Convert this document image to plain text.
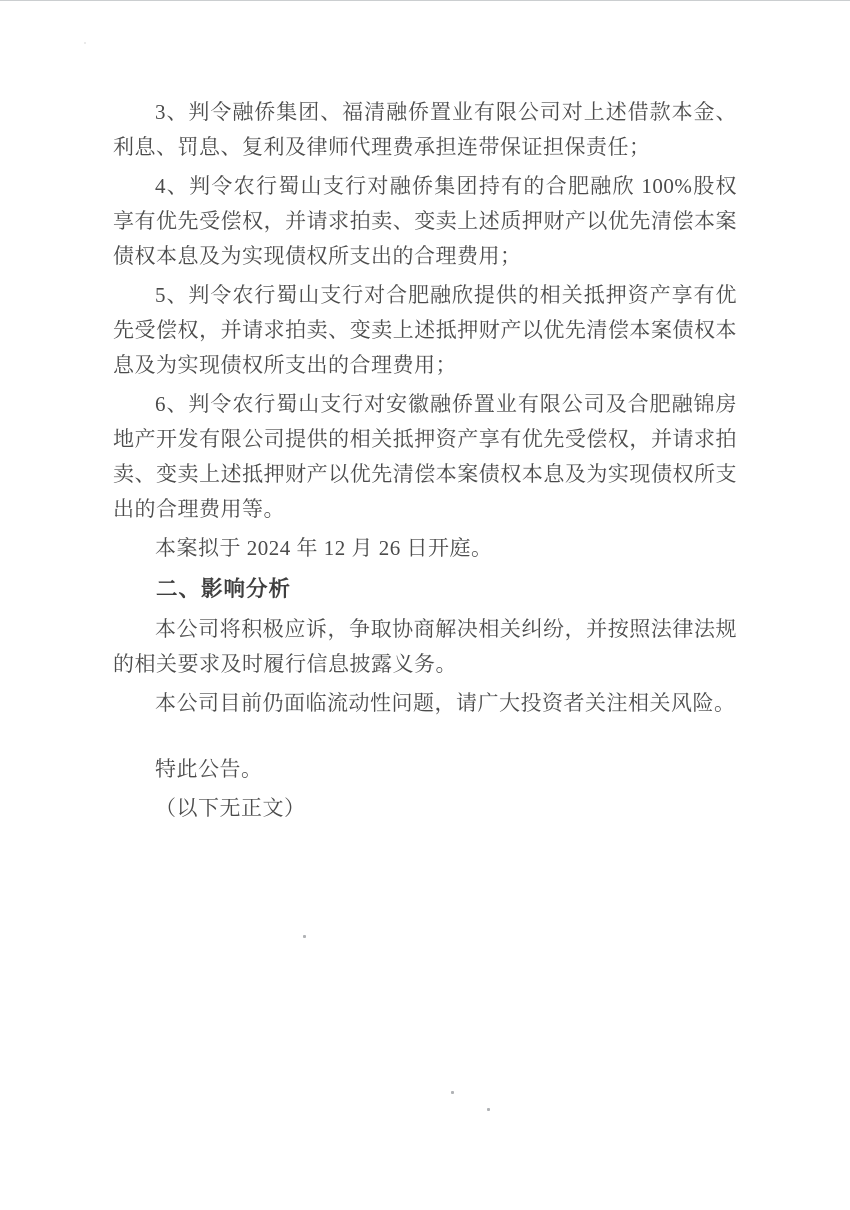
3、判令融侨集团、福清融侨置业有限公司对上述借款本金、利息、罚息、复利及律师代理费承担连带保证担保责任；

4、判令农行蜀山支行对融侨集团持有的合肥融欣 100%股权享有优先受偿权，并请求拍卖、变卖上述质押财产以优先清偿本案债权本息及为实现债权所支出的合理费用；

5、判令农行蜀山支行对合肥融欣提供的相关抵押资产享有优先受偿权，并请求拍卖、变卖上述抵押财产以优先清偿本案债权本息及为实现债权所支出的合理费用；

6、判令农行蜀山支行对安徽融侨置业有限公司及合肥融锦房地产开发有限公司提供的相关抵押资产享有优先受偿权，并请求拍卖、变卖上述抵押财产以优先清偿本案债权本息及为实现债权所支出的合理费用等。

本案拟于 2024 年 12 月 26 日开庭。

二、影响分析

本公司将积极应诉，争取协商解决相关纠纷，并按照法律法规的相关要求及时履行信息披露义务。

本公司目前仍面临流动性问题，请广大投资者关注相关风险。

特此公告。

（以下无正文）
